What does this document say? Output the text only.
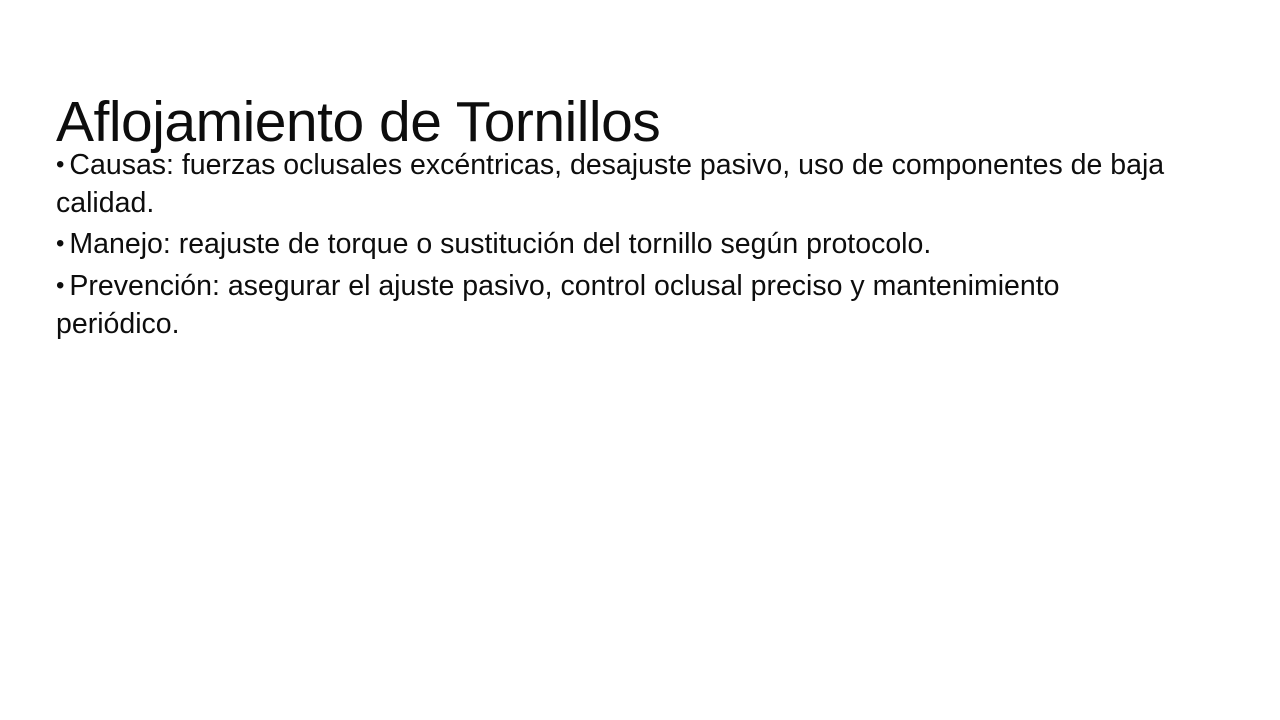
Aflojamiento de Tornillos

• Causas: fuerzas oclusales excéntricas, desajuste pasivo, uso de componentes de baja calidad.

• Manejo: reajuste de torque o sustitución del tornillo según protocolo.

• Prevención: asegurar el ajuste pasivo, control oclusal preciso y mantenimiento periódico.
